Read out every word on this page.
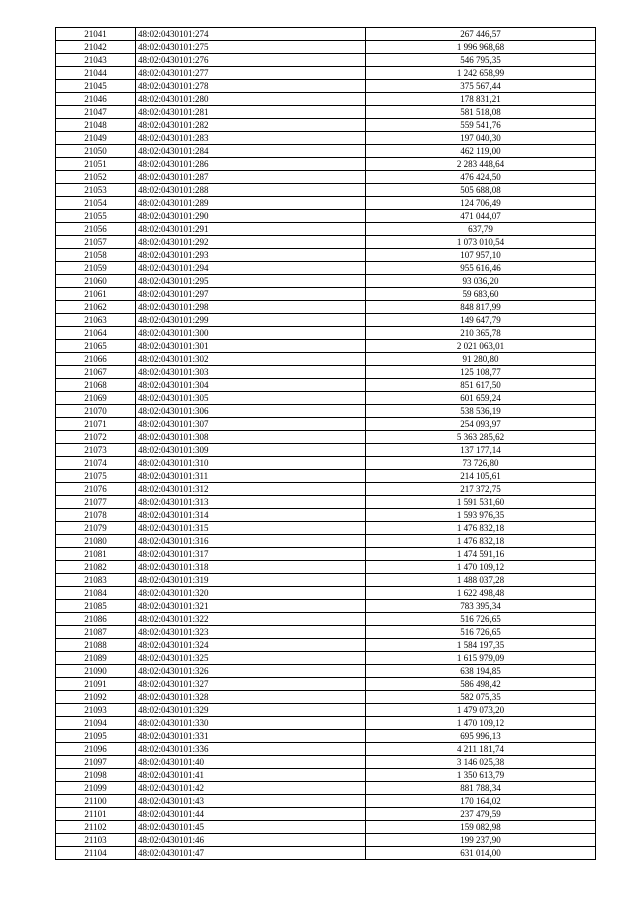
21041	48:02:0430101:274	267 446,57
21042	48:02:0430101:275	1 996 968,68
21043	48:02:0430101:276	546 795,35
21044	48:02:0430101:277	1 242 658,99
21045	48:02:0430101:278	375 567,44
21046	48:02:0430101:280	178 831,21
21047	48:02:0430101:281	581 518,08
21048	48:02:0430101:282	559 541,76
21049	48:02:0430101:283	197 040,30
21050	48:02:0430101:284	462 119,00
21051	48:02:0430101:286	2 283 448,64
21052	48:02:0430101:287	476 424,50
21053	48:02:0430101:288	505 688,08
21054	48:02:0430101:289	124 706,49
21055	48:02:0430101:290	471 044,07
21056	48:02:0430101:291	637,79
21057	48:02:0430101:292	1 073 010,54
21058	48:02:0430101:293	107 957,10
21059	48:02:0430101:294	955 616,46
21060	48:02:0430101:295	93 036,20
21061	48:02:0430101:297	59 683,60
21062	48:02:0430101:298	848 817,99
21063	48:02:0430101:299	149 647,79
21064	48:02:0430101:300	210 365,78
21065	48:02:0430101:301	2 021 063,01
21066	48:02:0430101:302	91 280,80
21067	48:02:0430101:303	125 108,77
21068	48:02:0430101:304	851 617,50
21069	48:02:0430101:305	601 659,24
21070	48:02:0430101:306	538 536,19
21071	48:02:0430101:307	254 093,97
21072	48:02:0430101:308	5 363 285,62
21073	48:02:0430101:309	137 177,14
21074	48:02:0430101:310	73 726,80
21075	48:02:0430101:311	214 105,61
21076	48:02:0430101:312	217 372,75
21077	48:02:0430101:313	1 591 531,60
21078	48:02:0430101:314	1 593 976,35
21079	48:02:0430101:315	1 476 832,18
21080	48:02:0430101:316	1 476 832,18
21081	48:02:0430101:317	1 474 591,16
21082	48:02:0430101:318	1 470 109,12
21083	48:02:0430101:319	1 488 037,28
21084	48:02:0430101:320	1 622 498,48
21085	48:02:0430101:321	783 395,34
21086	48:02:0430101:322	516 726,65
21087	48:02:0430101:323	516 726,65
21088	48:02:0430101:324	1 584 197,35
21089	48:02:0430101:325	1 615 979,09
21090	48:02:0430101:326	638 194,85
21091	48:02:0430101:327	586 498,42
21092	48:02:0430101:328	582 075,35
21093	48:02:0430101:329	1 479 073,20
21094	48:02:0430101:330	1 470 109,12
21095	48:02:0430101:331	695 996,13
21096	48:02:0430101:336	4 211 181,74
21097	48:02:0430101:40	3 146 025,38
21098	48:02:0430101:41	1 350 613,79
21099	48:02:0430101:42	881 788,34
21100	48:02:0430101:43	170 164,02
21101	48:02:0430101:44	237 479,59
21102	48:02:0430101:45	159 082,98
21103	48:02:0430101:46	199 237,90
21104	48:02:0430101:47	631 014,00
